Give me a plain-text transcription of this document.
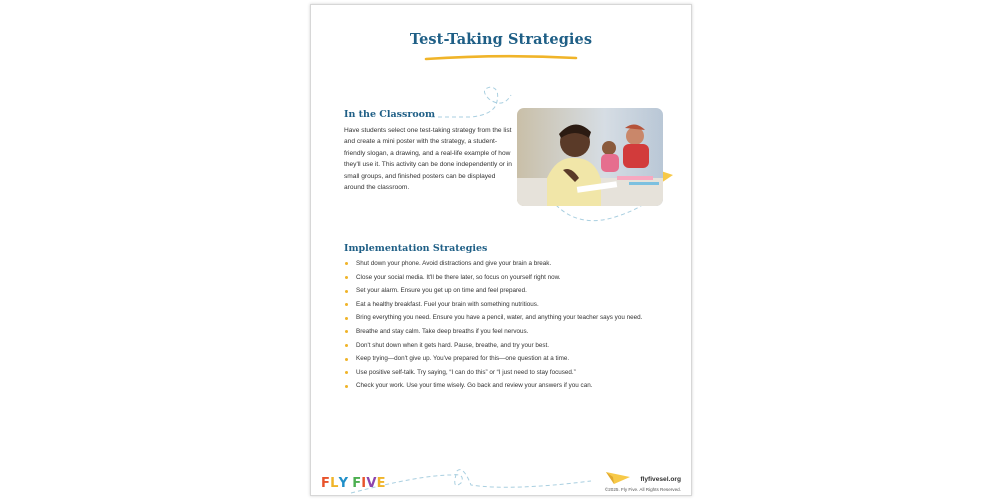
Test-Taking Strategies
In the Classroom
Have students select one test-taking strategy from the list and create a mini poster with the strategy, a student-friendly slogan, a drawing, and a real-life example of how they'll use it. This activity can be done independently or in small groups, and finished posters can be displayed around the classroom.
Implementation Strategies
Shut down your phone. Avoid distractions and give your brain a break.
Close your social media. It'll be there later, so focus on yourself right now.
Set your alarm. Ensure you get up on time and feel prepared.
Eat a healthy breakfast. Fuel your brain with something nutritious.
Bring everything you need. Ensure you have a pencil, water, and anything your teacher says you need.
Breathe and stay calm. Take deep breaths if you feel nervous.
Don't shut down when it gets hard. Pause, breathe, and try your best.
Keep trying—don't give up. You've prepared for this—one question at a time.
Use positive self-talk. Try saying, “I can do this” or “I just need to stay focused.”
Check your work. Use your time wisely. Go back and review your answers if you can.
FLY FIVE	flyfivesel.org
©2025. Fly Five. All Rights Reserved.
